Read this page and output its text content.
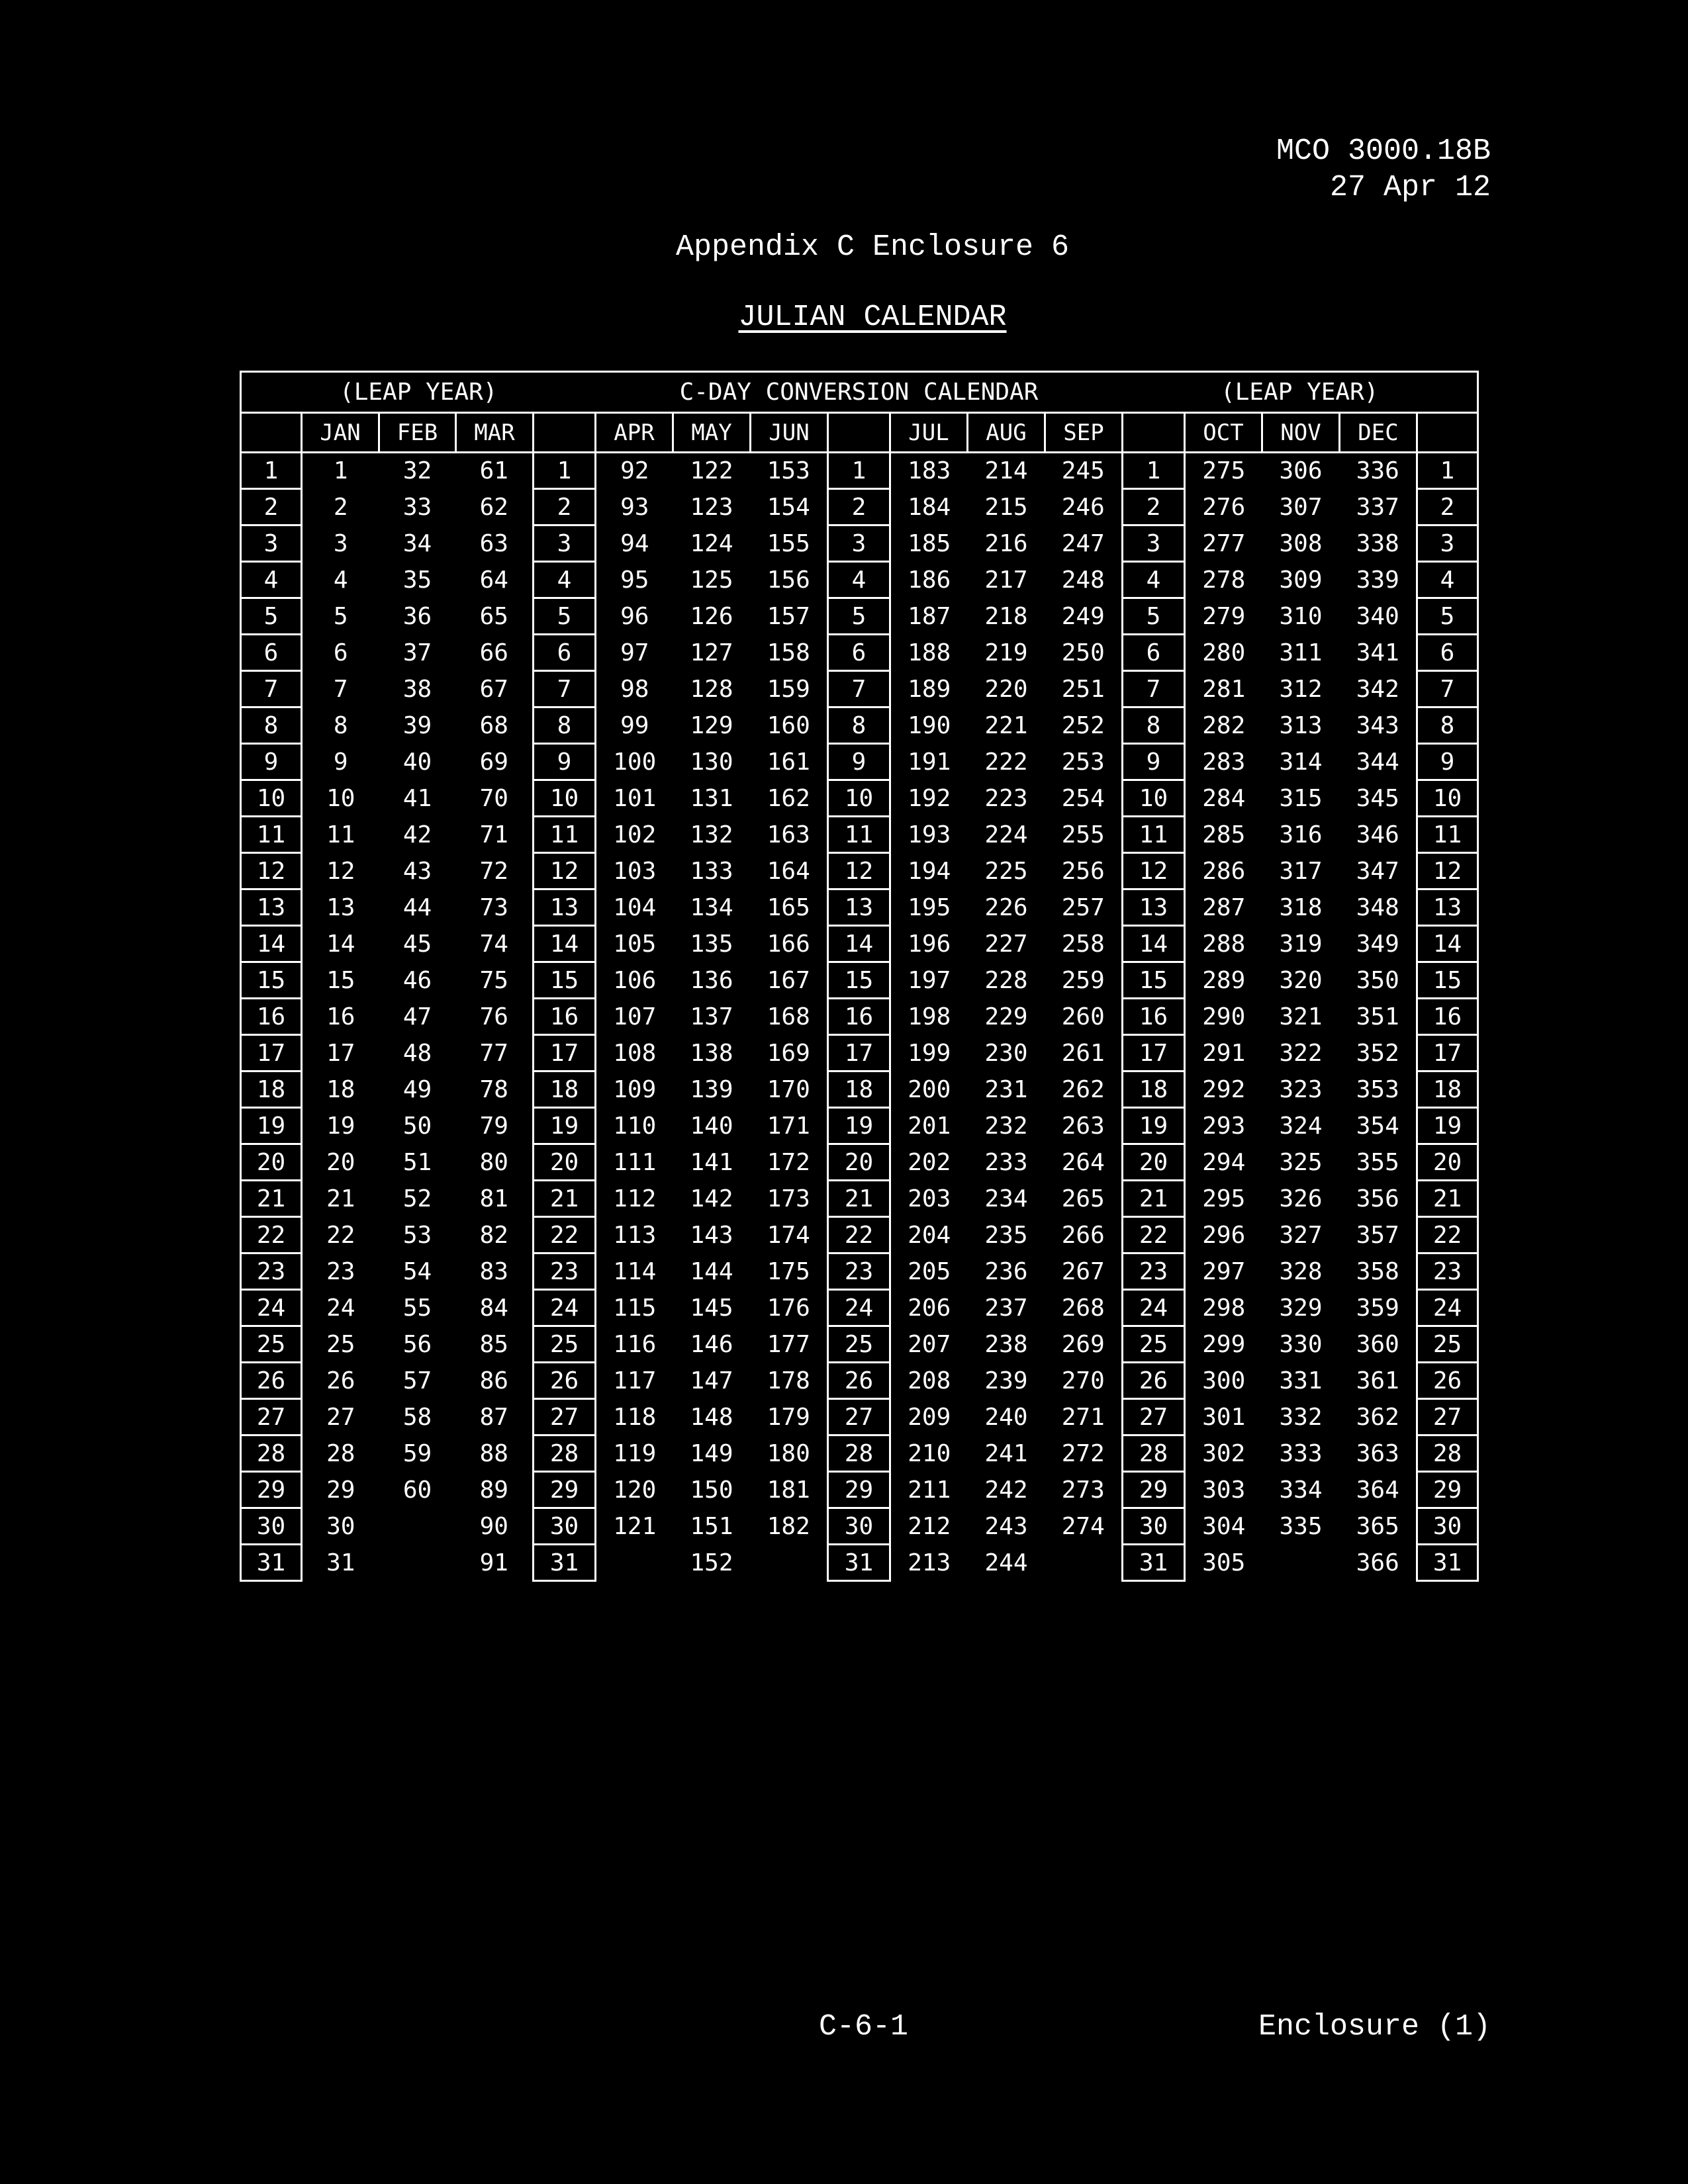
MCO 3000.18B
27 Apr 12
Appendix C Enclosure 6
JULIAN CALENDAR
(LEAP YEAR)					C-DAY CONVERSION CALENDAR							(LEAP YEAR)				
	JAN	FEB	MAR		APR	MAY	JUN		JUL	AUG	SEP		OCT	NOV	DEC	
1	1	32	61	1	92	122	153	1	183	214	245	1	275	306	336	1
2	2	33	62	2	93	123	154	2	184	215	246	2	276	307	337	2
3	3	34	63	3	94	124	155	3	185	216	247	3	277	308	338	3
4	4	35	64	4	95	125	156	4	186	217	248	4	278	309	339	4
5	5	36	65	5	96	126	157	5	187	218	249	5	279	310	340	5
6	6	37	66	6	97	127	158	6	188	219	250	6	280	311	341	6
7	7	38	67	7	98	128	159	7	189	220	251	7	281	312	342	7
8	8	39	68	8	99	129	160	8	190	221	252	8	282	313	343	8
9	9	40	69	9	100	130	161	9	191	222	253	9	283	314	344	9
10	10	41	70	10	101	131	162	10	192	223	254	10	284	315	345	10
11	11	42	71	11	102	132	163	11	193	224	255	11	285	316	346	11
12	12	43	72	12	103	133	164	12	194	225	256	12	286	317	347	12
13	13	44	73	13	104	134	165	13	195	226	257	13	287	318	348	13
14	14	45	74	14	105	135	166	14	196	227	258	14	288	319	349	14
15	15	46	75	15	106	136	167	15	197	228	259	15	289	320	350	15
16	16	47	76	16	107	137	168	16	198	229	260	16	290	321	351	16
17	17	48	77	17	108	138	169	17	199	230	261	17	291	322	352	17
18	18	49	78	18	109	139	170	18	200	231	262	18	292	323	353	18
19	19	50	79	19	110	140	171	19	201	232	263	19	293	324	354	19
20	20	51	80	20	111	141	172	20	202	233	264	20	294	325	355	20
21	21	52	81	21	112	142	173	21	203	234	265	21	295	326	356	21
22	22	53	82	22	113	143	174	22	204	235	266	22	296	327	357	22
23	23	54	83	23	114	144	175	23	205	236	267	23	297	328	358	23
24	24	55	84	24	115	145	176	24	206	237	268	24	298	329	359	24
25	25	56	85	25	116	146	177	25	207	238	269	25	299	330	360	25
26	26	57	86	26	117	147	178	26	208	239	270	26	300	331	361	26
27	27	58	87	27	118	148	179	27	209	240	271	27	301	332	362	27
28	28	59	88	28	119	149	180	28	210	241	272	28	302	333	363	28
29	29	60	89	29	120	150	181	29	211	242	273	29	303	334	364	29
30	30		90	30	121	151	182	30	212	243	274	30	304	335	365	30
31	31		91	31		152		31	213	244		31	305		366	31
C-6-1	Enclosure (1)
